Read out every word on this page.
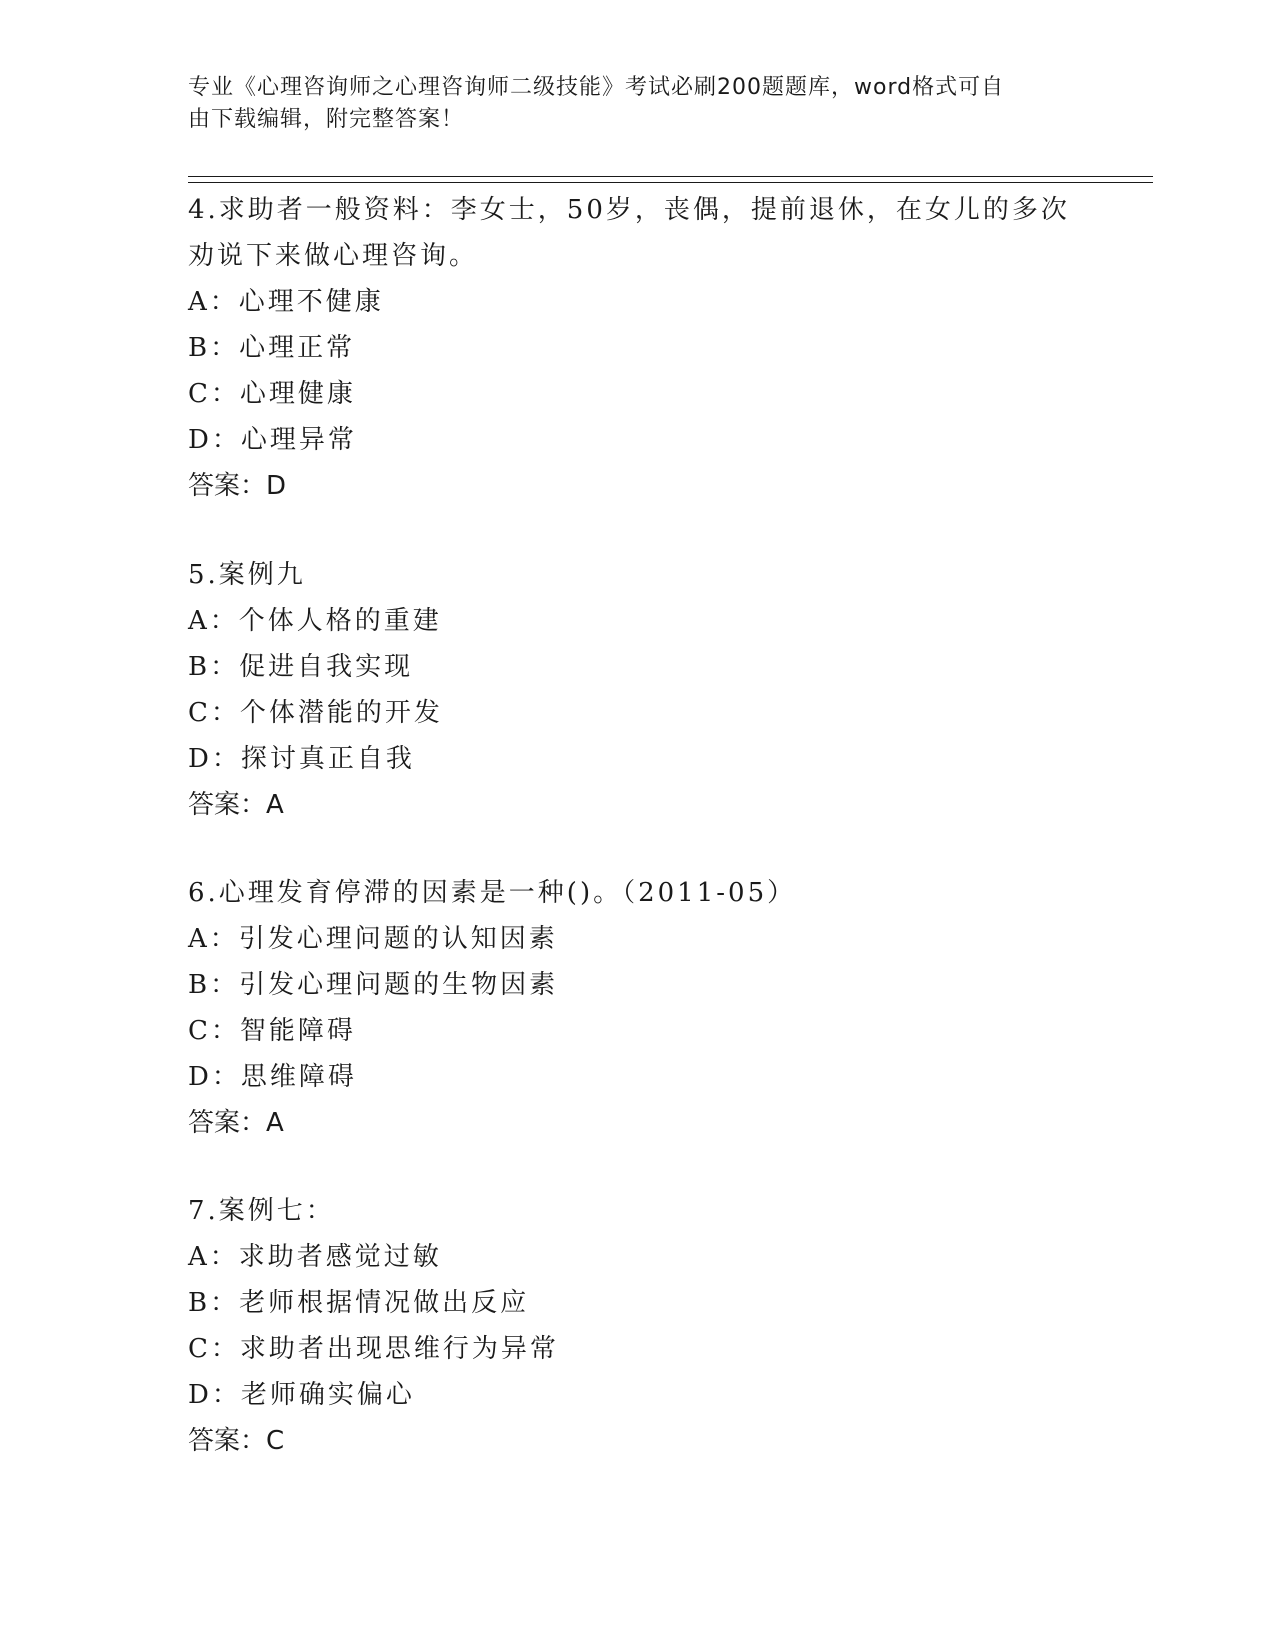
专业《心理咨询师之心理咨询师二级技能》考试必刷200题题库，word格式可自
由下载编辑，附完整答案！

4.求助者一般资料：李女士，50岁，丧偶，提前退休，在女儿的多次

劝说下来做心理咨询。

A：心理不健康

B：心理正常

C：心理健康

D：心理异常

答案：D

5.案例九

A：个体人格的重建

B：促进自我实现

C：个体潜能的开发

D：探讨真正自我

答案：A

6.心理发育停滞的因素是一种()。（2011-05）

A：引发心理问题的认知因素

B：引发心理问题的生物因素

C：智能障碍

D：思维障碍

答案：A

7.案例七：

A：求助者感觉过敏

B：老师根据情况做出反应

C：求助者出现思维行为异常

D：老师确实偏心

答案：C
